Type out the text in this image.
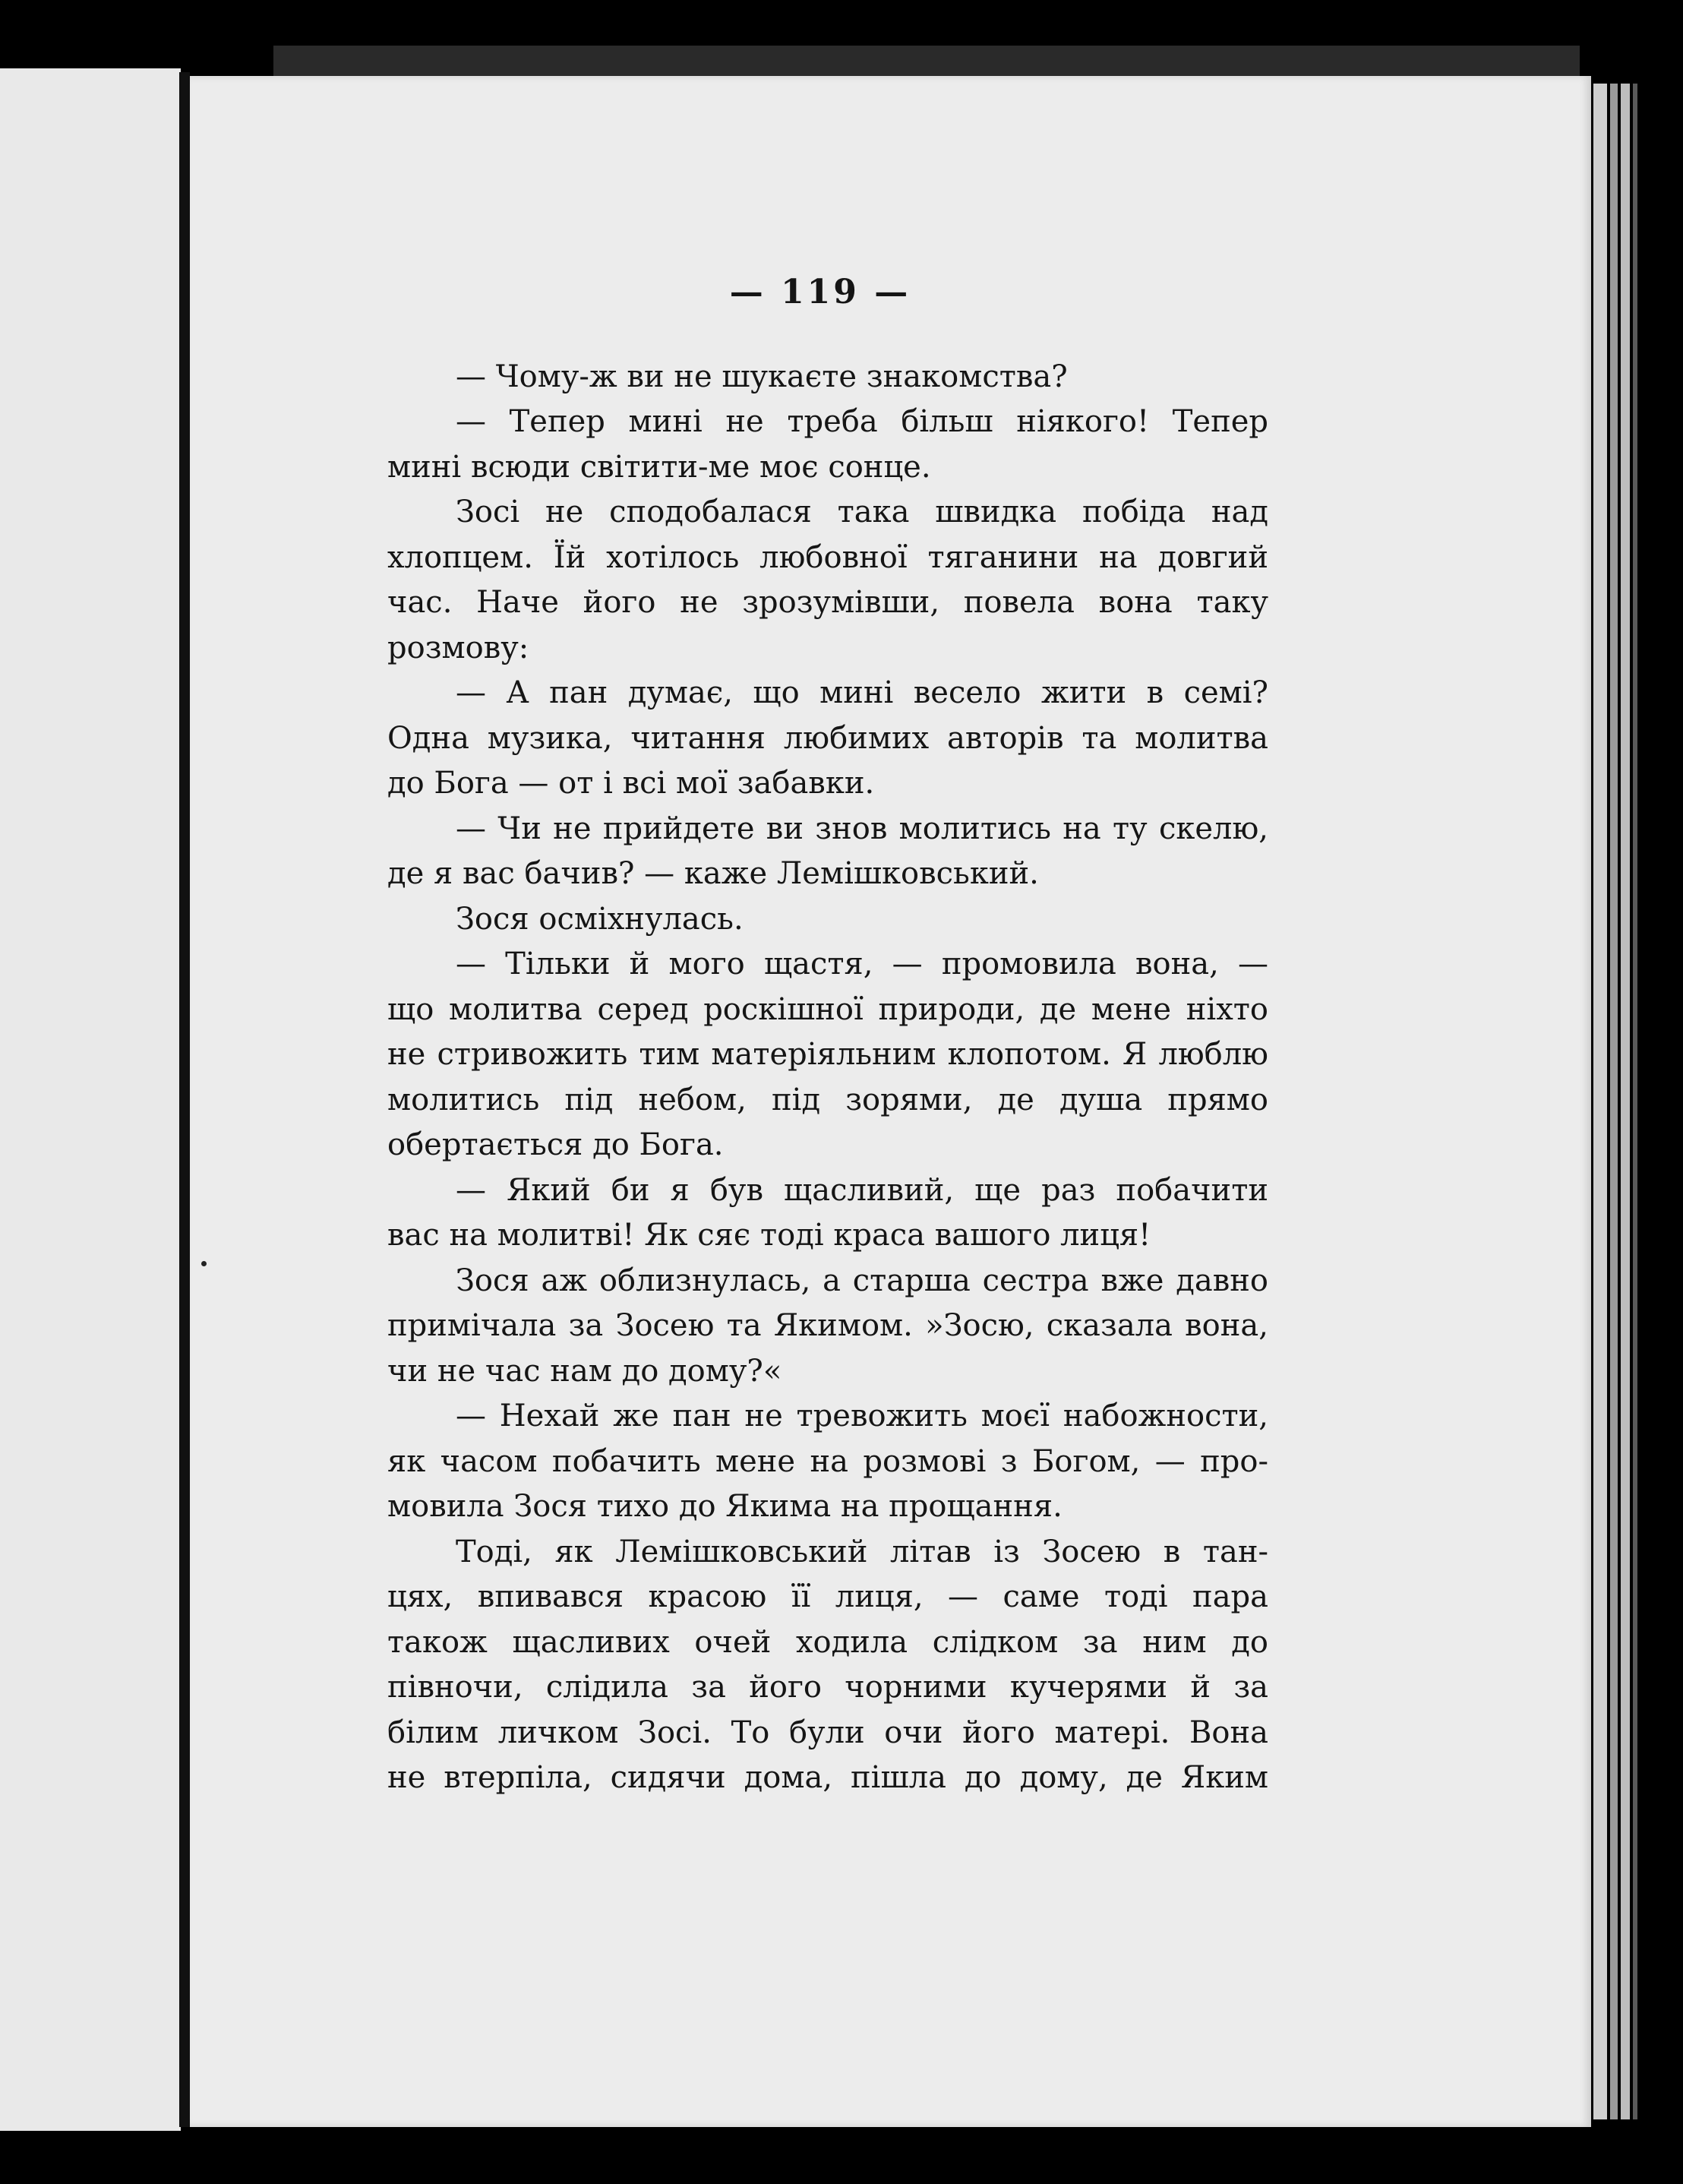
— 119 —
— Чому-ж ви не шукаєте знакомства?
— Тепер мині не треба більш ніякого! Тепер
мині всюди світити-ме моє сонце.
Зосі не сподобалася така швидка побіда над
хлопцем. Їй хотілось любовної тяганини на довгий
час. Наче його не зрозумівши, повела вона таку
розмову:
— А пан думає, що мині весело жити в семі?
Одна музика, читання любимих авторів та молитва
до Бога — от і всі мої забавки.
— Чи не прийдете ви знов молитись на ту скелю,
де я вас бачив? — каже Лемішковський.
Зося осміхнулась.
— Тільки й мого щастя, — промовила вона, —
що молитва серед роскішної природи, де мене ніхто
не стривожить тим матеріяльним клопотом. Я люблю
молитись під небом, під зорями, де душа прямо
обертається до Бога.
— Який би я був щасливий, ще раз побачити
вас на молитві! Як сяє тоді краса вашого лиця!
Зося аж облизнулась, а старша сестра вже давно
примічала за Зосею та Якимом. »Зосю, сказала вона,
чи не час нам до дому?«
— Нехай же пан не тревожить моєї набожности,
як часом побачить мене на розмові з Богом, — про-
мовила Зося тихо до Якима на прощання.
Тоді, як Лемішковський літав із Зосею в тан-
цях, впивався красою її лиця, — саме тоді пара
також щасливих очей ходила слідком за ним до
півночи, слідила за його чорними кучерями й за
білим личком Зосі. То були очи його матері. Вона
не втерпіла, сидячи дома, пішла до дому, де Яким
